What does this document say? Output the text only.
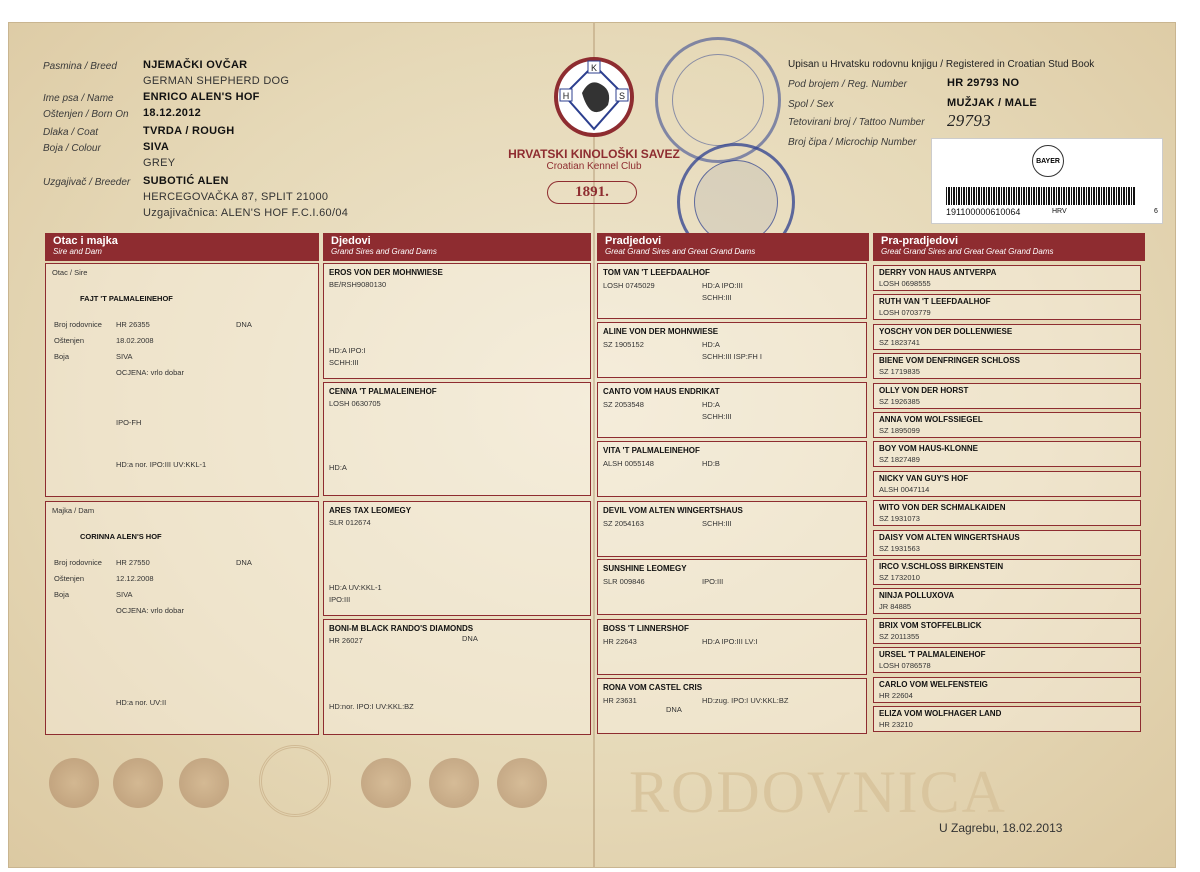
RODOVNICA
Pasmina / Breed NJEMAČKI OVČAR
GERMAN SHEPHERD DOG
Ime psa / Name	ENRICO ALEN'S HOF
Oštenjen / Born On 18.12.2012
Dlaka / Coat	TVRDA / ROUGH
Boja / Colour	SIVA
GREY
Uzgajivač / Breeder SUBOTIĆ ALEN
HERCEGOVAČKA 87, SPLIT 21000
Uzgajivačnica: ALEN'S HOF F.C.I.60/04
K
H	S
HRVATSKI KINOLOŠKI SAVEZ
Croatian Kennel Club
1891.
Upisan u Hrvatsku rodovnu knjigu / Registered in Croatian Stud Book
Pod brojem / Reg. Number	HR 29793 NO
Spol / Sex	MUŽJAK / MALE
Tetovirani broj / Tattoo Number 29793
Broj čipa / Microchip Number
BAYER
191100000610064	HRV	6
Otac i majka
Sire and Dam
Djedovi
Grand Sires and Grand Dams
Pradjedovi
Great Grand Sires and Great Grand Dams
Pra-pradjedovi
Great Grand Sires and Great Great Grand Dams
Otac / Sire
FAJT 'T PALMALEINEHOF
Broj rodovnice HR 26355	DNA
Oštenjen	18.02.2008
Boja	SIVA
OCJENA: vrlo dobar
IPO-FH
HD:a nor. IPO:III UV:KKL-1
Majka / Dam
CORINNA ALEN'S HOF
Broj rodovnice HR 27550	DNA
Oštenjen	12.12.2008
Boja	SIVA
OCJENA: vrlo dobar
HD:a nor. UV:II
EROS VON DER MOHNWIESE
BE/RSH9080130
HD:A IPO:I
SCHH:III
CENNA 'T PALMALEINEHOF
LOSH 0630705
HD:A
ARES TAX LEOMEGY
SLR 012674
HD:A UV:KKL-1
IPO:III
BONI-M BLACK RANDO'S DIAMONDS
HR 26027
HD:nor. IPO:I UV:KKL:BZ
DNA
TOM VAN 'T LEEFDAALHOF
LOSH 0745029	HD:A IPO:III
SCHH:III
ALINE VON DER MOHNWIESE
SZ 1905152	HD:A
SCHH:III ISP:FH I
CANTO VOM HAUS ENDRIKAT
SZ 2053548	HD:A
SCHH:III
VITA 'T PALMALEINEHOF
ALSH 0055148	HD:B
DEVIL VOM ALTEN WINGERTSHAUS
SZ 2054163	SCHH:III
SUNSHINE LEOMEGY
SLR 009846	IPO:III
BOSS 'T LINNERSHOF
HR 22643	HD:A IPO:III LV:I
RONA VOM CASTEL CRIS
HR 23631	HD:zug. IPO:I UV:KKL:BZ
DNA
DERRY VON HAUS ANTVERPA
LOSH 0698555
RUTH VAN 'T LEEFDAALHOF
LOSH 0703779
YOSCHY VON DER DOLLENWIESE
SZ 1823741
BIENE VOM DENFRINGER SCHLOSS
SZ 1719835
OLLY VON DER HORST
SZ 1926385
ANNA VOM WOLFSSIEGEL
SZ 1895099
BOY VOM HAUS-KLONNE
SZ 1827489
NICKY VAN GUY'S HOF
ALSH 0047114
WITO VON DER SCHMALKAIDEN
SZ 1931073
DAISY VOM ALTEN WINGERTSHAUS
SZ 1931563
IRCO V.SCHLOSS BIRKENSTEIN
SZ 1732010
NINJA POLLUXOVA
JR 84885
BRIX VOM STOFFELBLICK
SZ 2011355
URSEL 'T PALMALEINEHOF
LOSH 0786578
CARLO VOM WELFENSTEIG
HR 22604
ELIZA VOM WOLFHAGER LAND
HR 23210
U Zagrebu, 18.02.2013
